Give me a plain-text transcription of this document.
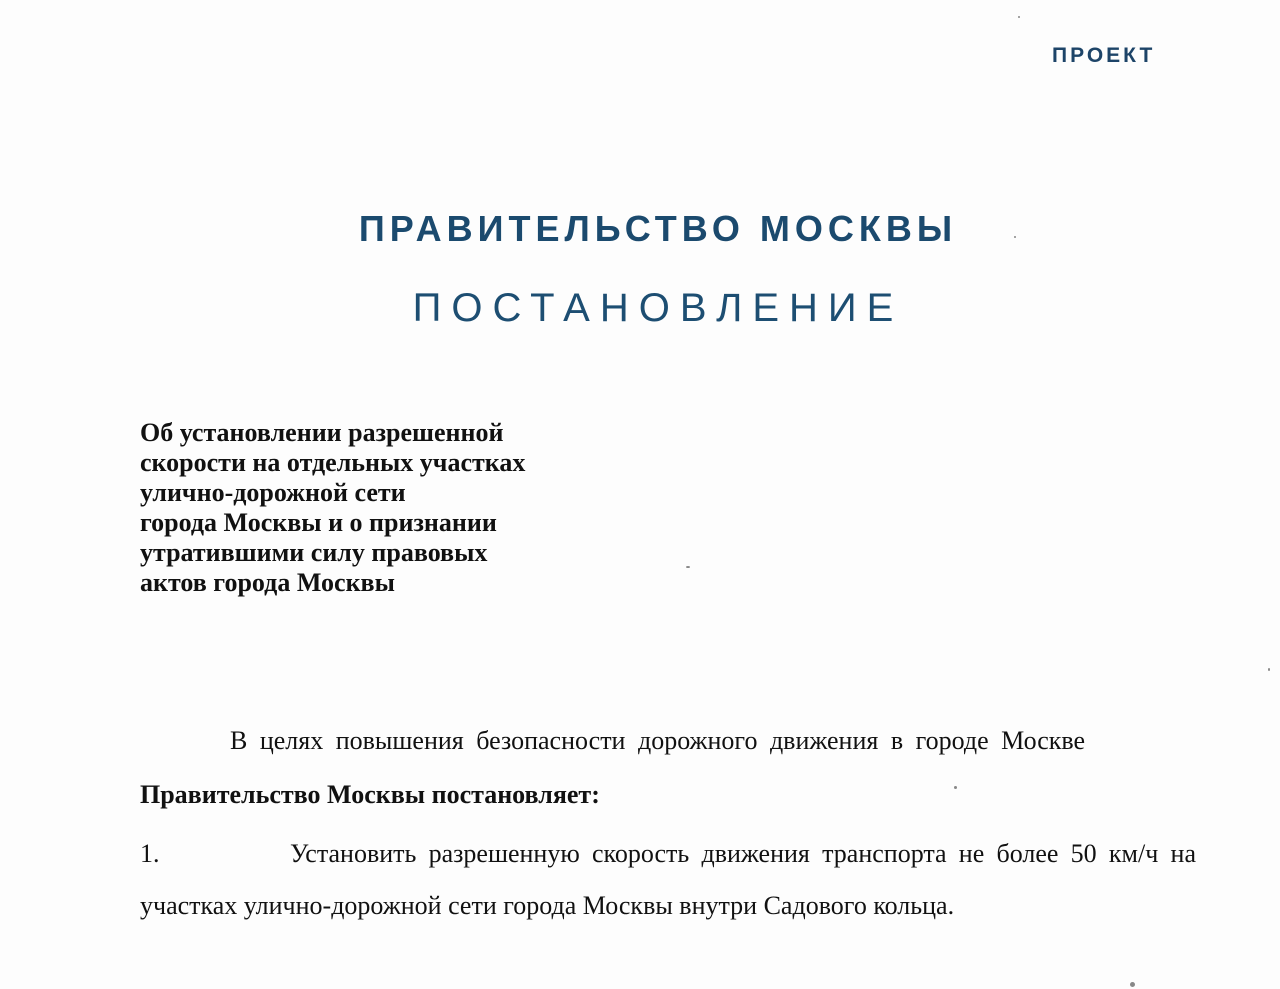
ПРОЕКТ
ПРАВИТЕЛЬСТВО МОСКВЫ
ПОСТАНОВЛЕНИЕ
Об установлении разрешенной
скорости на отдельных участках
улично-дорожной сети
города Москвы и о признании
утратившими силу правовых
актов города Москвы
В целях повышения безопасности дорожного движения в городе Москве
Правительство Москвы постановляет:
1.	Установить разрешенную скорость движения транспорта не более 50 км/ч на участках улично-дорожной сети города Москвы внутри Садового кольца.
